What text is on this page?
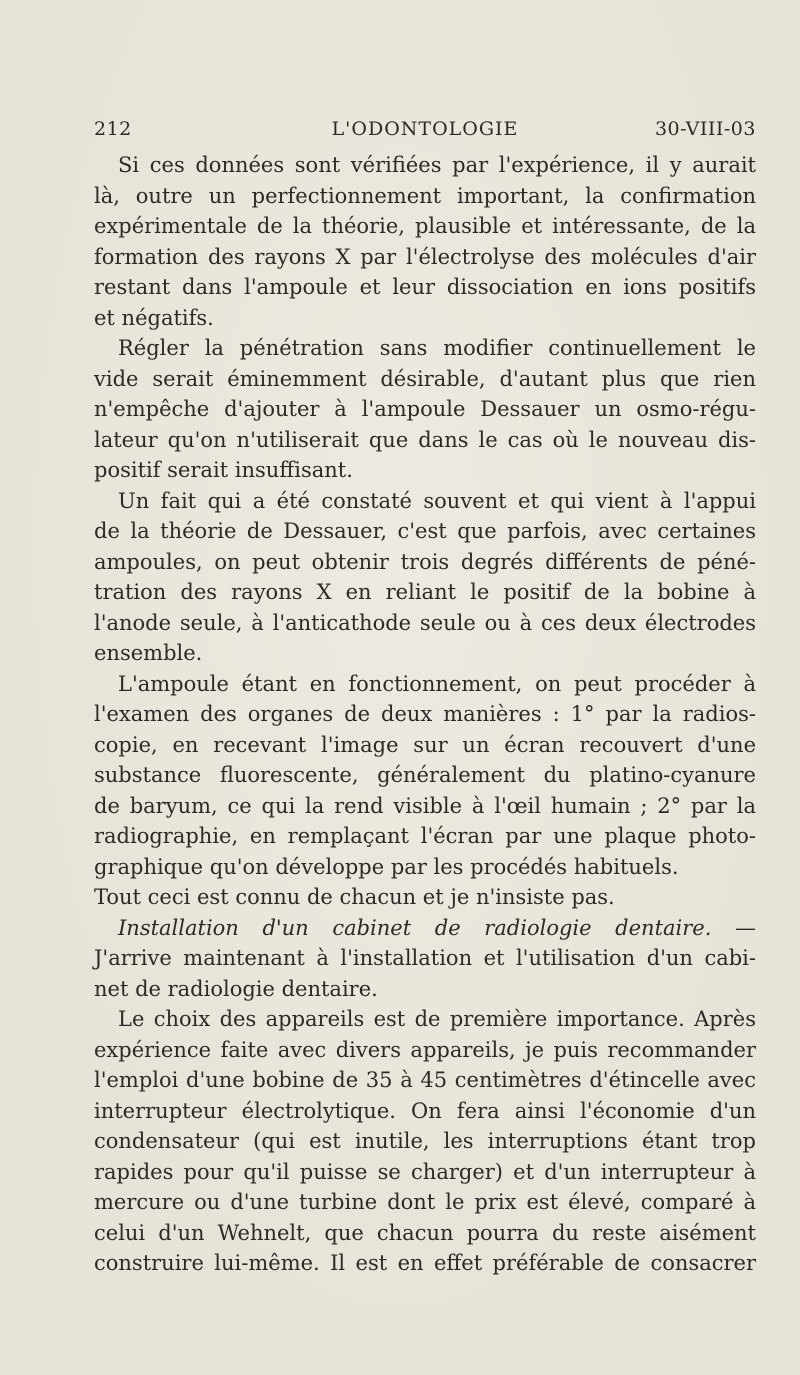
212	L'ODONTOLOGIE	30-VIII-03
Si ces données sont vérifiées par l'expérience, il y aurait
là, outre un perfectionnement important, la confirmation
expérimentale de la théorie, plausible et intéressante, de la
formation des rayons X par l'électrolyse des molécules d'air
restant dans l'ampoule et leur dissociation en ions positifs
et négatifs.
Régler la pénétration sans modifier continuellement le
vide serait éminemment désirable, d'autant plus que rien
n'empêche d'ajouter à l'ampoule Dessauer un osmo-régu-
lateur qu'on n'utiliserait que dans le cas où le nouveau dis-
positif serait insuffisant.
Un fait qui a été constaté souvent et qui vient à l'appui
de la théorie de Dessauer, c'est que parfois, avec certaines
ampoules, on peut obtenir trois degrés différents de péné-
tration des rayons X en reliant le positif de la bobine à
l'anode seule, à l'anticathode seule ou à ces deux électrodes
ensemble.
L'ampoule étant en fonctionnement, on peut procéder à
l'examen des organes de deux manières : 1° par la radios-
copie, en recevant l'image sur un écran recouvert d'une
substance fluorescente, généralement du platino-cyanure
de baryum, ce qui la rend visible à l'œil humain ; 2° par la
radiographie, en remplaçant l'écran par une plaque photo-
graphique qu'on développe par les procédés habituels.
Tout ceci est connu de chacun et je n'insiste pas.
Installation d'un cabinet de radiologie dentaire. —
J'arrive maintenant à l'installation et l'utilisation d'un cabi-
net de radiologie dentaire.
Le choix des appareils est de première importance. Après
expérience faite avec divers appareils, je puis recommander
l'emploi d'une bobine de 35 à 45 centimètres d'étincelle avec
interrupteur électrolytique. On fera ainsi l'économie d'un
condensateur (qui est inutile, les interruptions étant trop
rapides pour qu'il puisse se charger) et d'un interrupteur à
mercure ou d'une turbine dont le prix est élevé, comparé à
celui d'un Wehnelt, que chacun pourra du reste aisément
construire lui-même. Il est en effet préférable de consacrer
